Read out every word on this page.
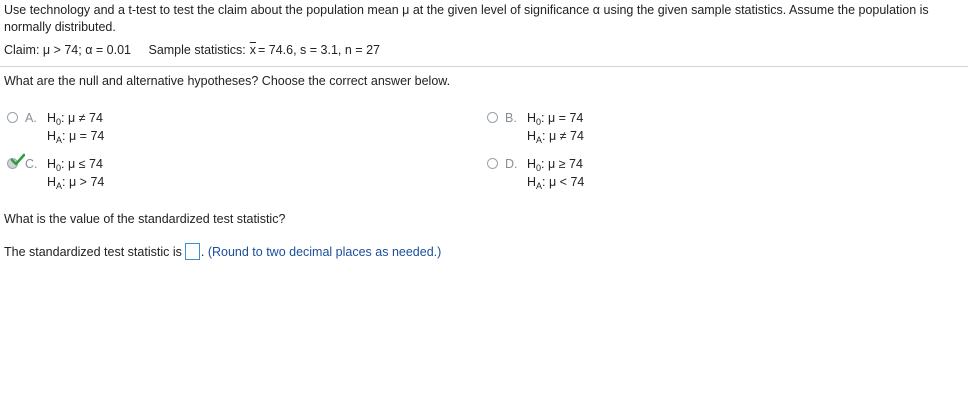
Use technology and a t-test to test the claim about the population mean μ at the given level of significance α using the given sample statistics. Assume the population is
normally distributed.
Claim: μ > 74; α = 0.01 Sample statistics: $\overline{x} = 74.6$, s = 3.1, n = 27
What are the null and alternative hypotheses? Choose the correct answer below.
A. $H_0$: μ ≠ 74
$H_A$: μ = 74
B. $H_0$: μ = 74
$H_A$: μ ≠ 74
C. $H_0$: μ ≤ 74
$H_A$: μ > 74
D. $H_0$: μ ≥ 74
$H_A$: μ < 74
What is the value of the standardized test statistic?
The standardized test statistic is . (Round to two decimal places as needed.)
